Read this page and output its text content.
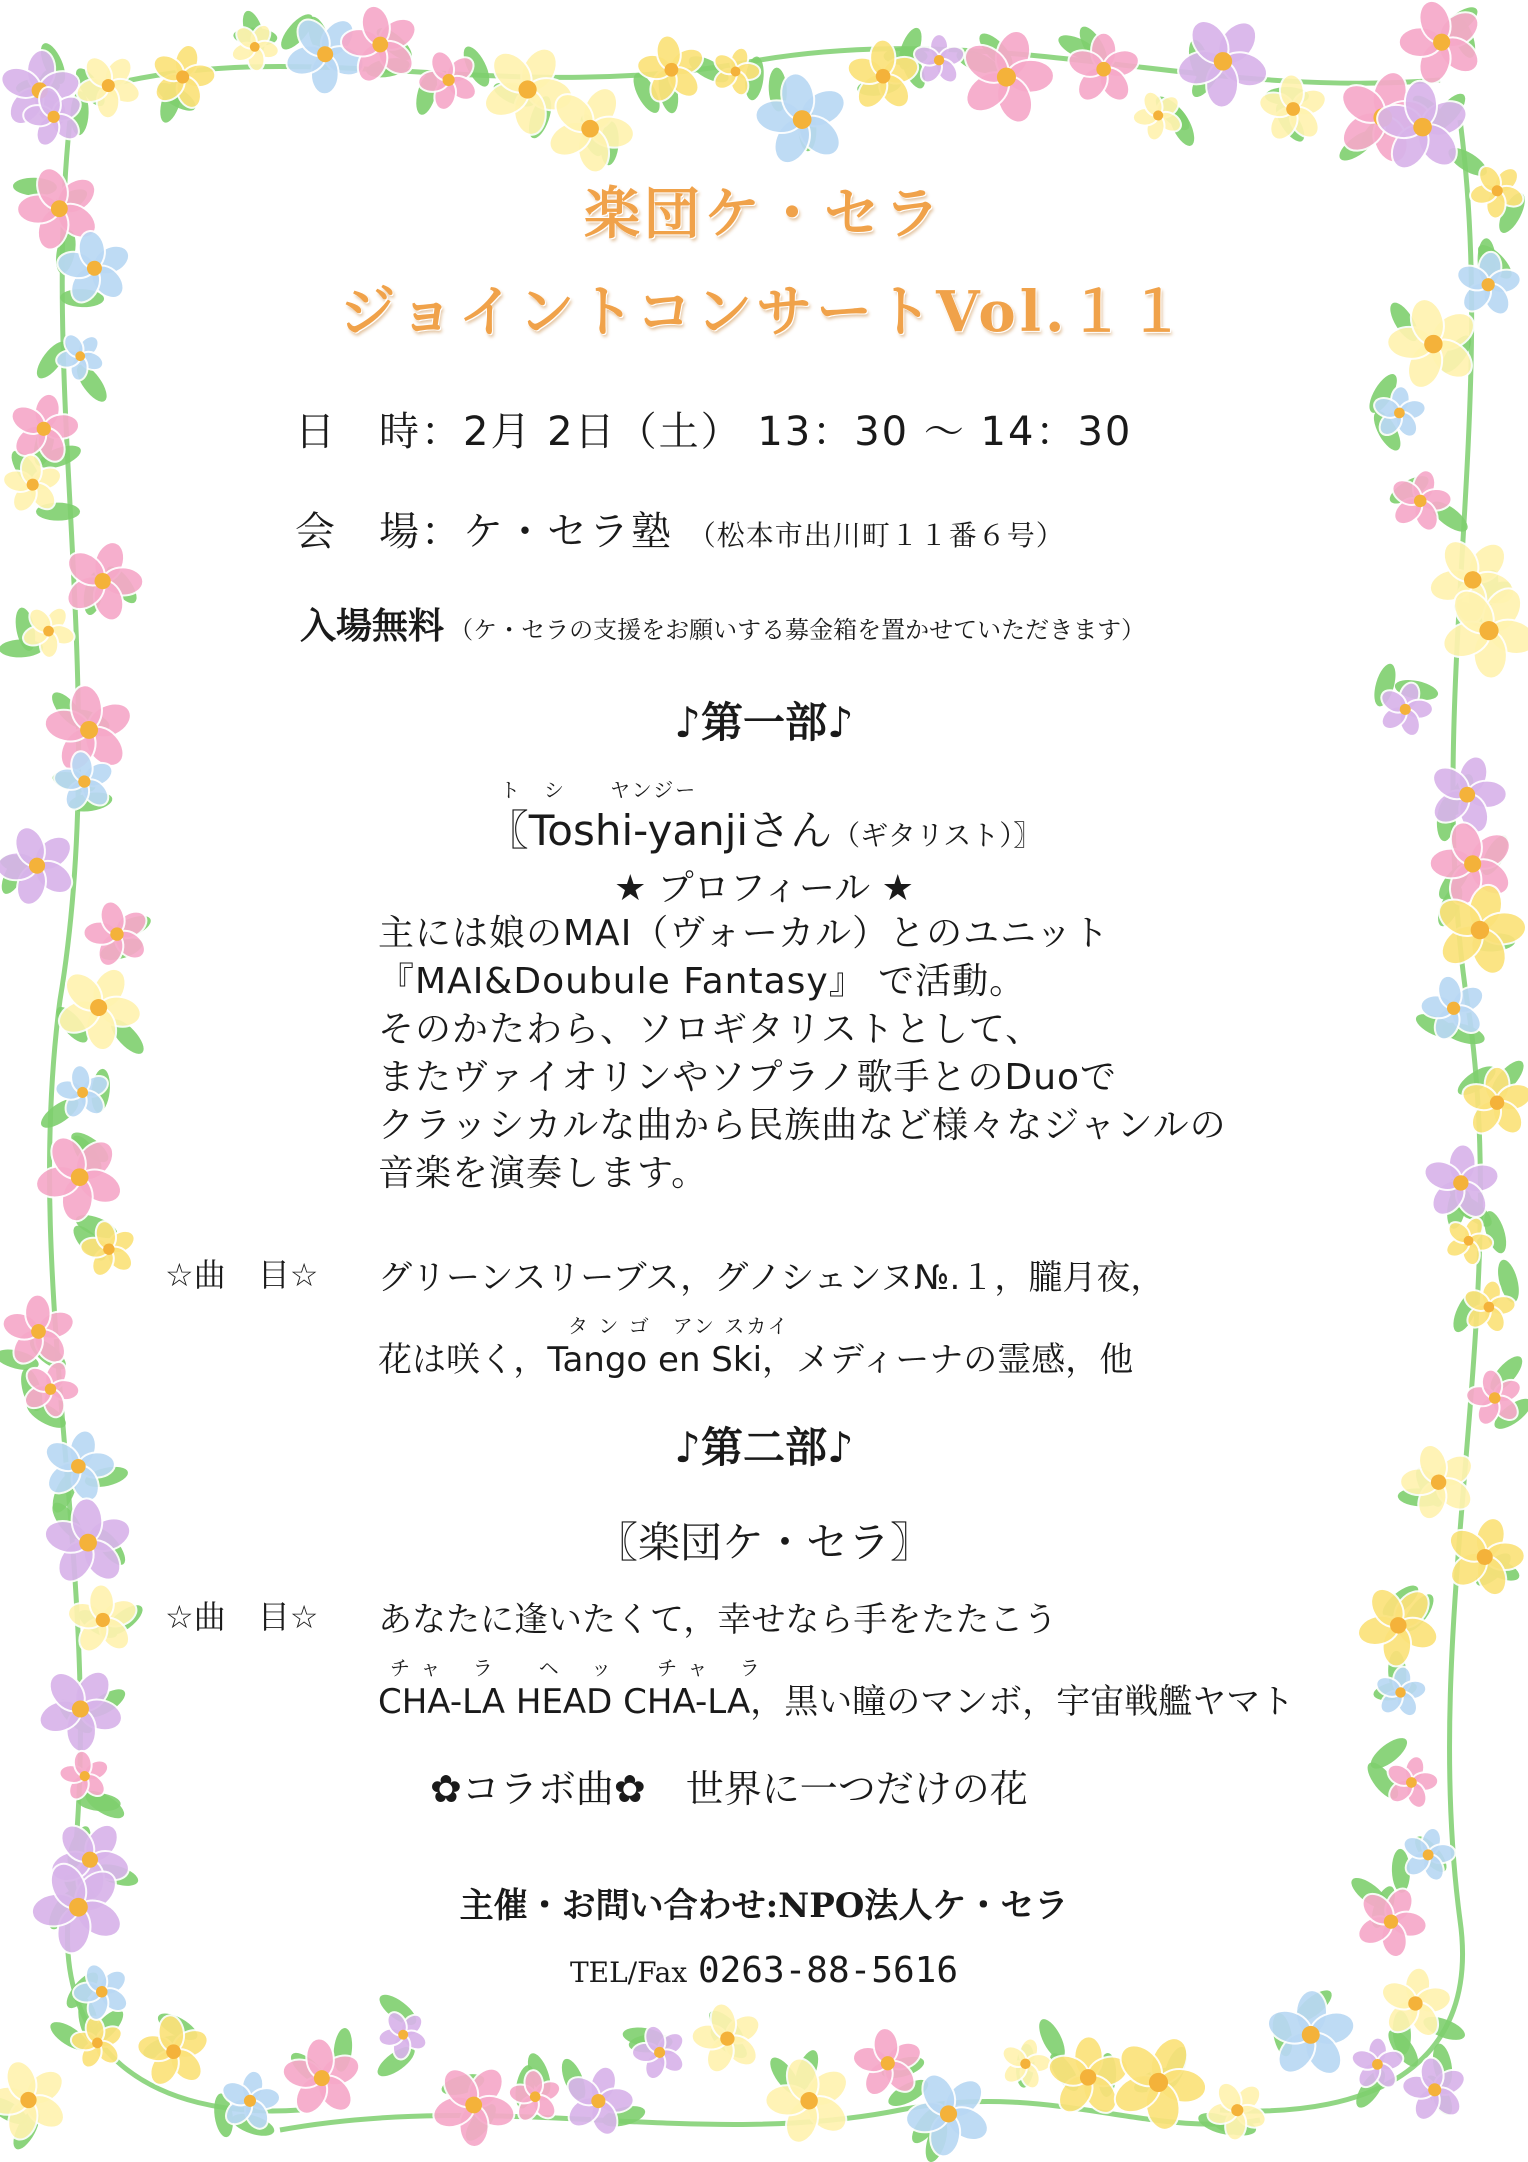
楽団ケ・セラ
ジョイントコンサートVol.１１
日　時：2月 2日（土） 13：30 ～ 14：30
会　場：ケ・セラ塾 （松本市出川町１１番６号）
入場無料 （ケ・セラの支援をお願いする募金箱を置かせていただきます）
♪第一部♪
ト　シ　　ヤンジー
〖Toshi-yanjiさん（ギタリスト）〗
★ プロフィール ★
主には娘のMAI（ヴォーカル）とのユニット
『MAI&Doubule Fantasy』 で活動。
そのかたわら、ソロギタリストとして、
またヴァイオリンやソプラノ歌手とのDuoで
クラッシカルな曲から民族曲など様々なジャンルの
音楽を演奏します。
☆曲　目☆ グリーンスリーブス，グノシェンヌ№.１，朧月夜，
タ ン ゴ　アン スカイ
花は咲く，Tango en Ski，メディーナの霊感，他
♪第二部♪
〖楽団ケ・セラ〗
☆曲　目☆ あなたに逢いたくて，幸せなら手をたたこう
チ ャ　 ラ　　ヘ　 ッ　　チ ャ　 ラ
CHA-LA HEAD CHA-LA，黒い瞳のマンボ，宇宙戦艦ヤマト
✿コラボ曲✿ 世界に一つだけの花
主催・お問い合わせ:NPO法人ケ・セラ
TEL/Fax 0263-88-5616
